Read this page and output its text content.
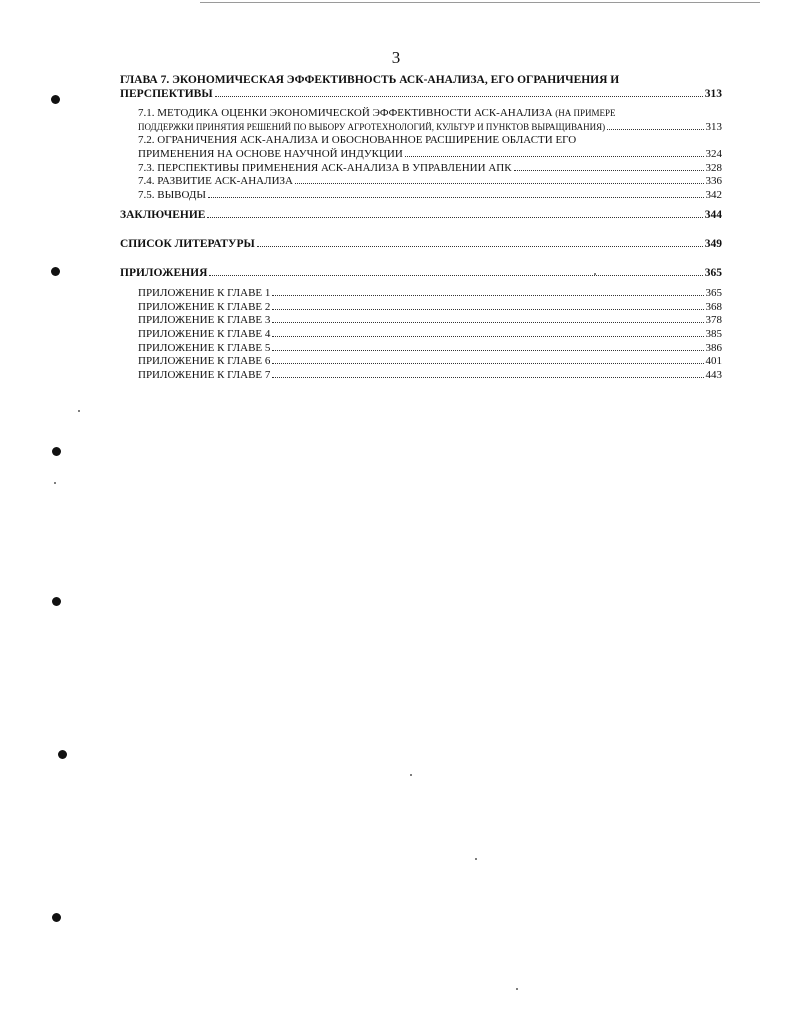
3
ГЛАВА 7. ЭКОНОМИЧЕСКАЯ ЭФФЕКТИВНОСТЬ АСК-АНАЛИЗА, ЕГО ОГРАНИЧЕНИЯ И
ПЕРСПЕКТИВЫ	313
7.1. МЕТОДИКА ОЦЕНКИ ЭКОНОМИЧЕСКОЙ ЭФФЕКТИВНОСТИ АСК-АНАЛИЗА (НА ПРИМЕРЕ
ПОДДЕРЖКИ ПРИНЯТИЯ РЕШЕНИЙ ПО ВЫБОРУ АГРОТЕХНОЛОГИЙ, КУЛЬТУР И ПУНКТОВ ВЫРАЩИВАНИЯ)	313
7.2. ОГРАНИЧЕНИЯ АСК-АНАЛИЗА И ОБОСНОВАННОЕ РАСШИРЕНИЕ ОБЛАСТИ ЕГО
ПРИМЕНЕНИЯ НА ОСНОВЕ НАУЧНОЙ ИНДУКЦИИ	324
7.3. ПЕРСПЕКТИВЫ ПРИМЕНЕНИЯ АСК-АНАЛИЗА В УПРАВЛЕНИИ АПК	328
7.4. РАЗВИТИЕ АСК-АНАЛИЗА	336
7.5. ВЫВОДЫ	342
ЗАКЛЮЧЕНИЕ	344
СПИСОК ЛИТЕРАТУРЫ	349
ПРИЛОЖЕНИЯ	365
ПРИЛОЖЕНИЕ К ГЛАВЕ 1	365
ПРИЛОЖЕНИЕ К ГЛАВЕ 2	368
ПРИЛОЖЕНИЕ К ГЛАВЕ 3	378
ПРИЛОЖЕНИЕ К ГЛАВЕ 4	385
ПРИЛОЖЕНИЕ К ГЛАВЕ 5	386
ПРИЛОЖЕНИЕ К ГЛАВЕ 6	401
ПРИЛОЖЕНИЕ К ГЛАВЕ 7	443
